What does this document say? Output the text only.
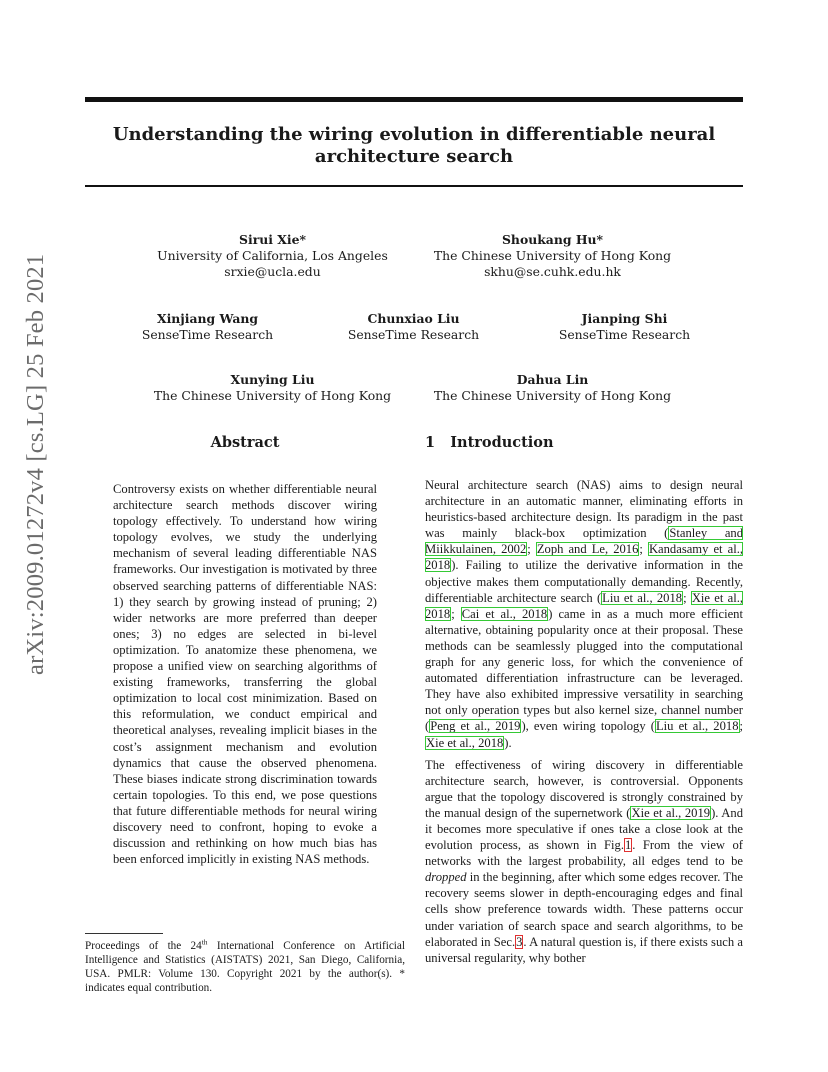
Understanding the wiring evolution in differentiable neural
architecture search
arXiv:2009.01272v4 [cs.LG] 25 Feb 2021
Sirui Xie*
University of California, Los Angeles
srxie@ucla.edu
Shoukang Hu*
The Chinese University of Hong Kong
skhu@se.cuhk.edu.hk
Xinjiang Wang
SenseTime Research
Chunxiao Liu
SenseTime Research
Jianping Shi
SenseTime Research
Xunying Liu
The Chinese University of Hong Kong
Dahua Lin
The Chinese University of Hong Kong
Abstract

Controversy exists on whether differentiable neural architecture search methods discover wiring topology effectively. To understand how wiring topology evolves, we study the underlying mechanism of several leading differentiable NAS frameworks. Our investigation is motivated by three observed searching patterns of differentiable NAS: 1) they search by growing instead of pruning; 2) wider networks are more preferred than deeper ones; 3) no edges are selected in bi-level optimization. To anatomize these phenomena, we propose a unified view on searching algorithms of existing frameworks, transferring the global optimization to local cost minimization. Based on this reformulation, we conduct empirical and theoretical analyses, revealing implicit biases in the cost’s assignment mechanism and evolution dynamics that cause the observed phenomena. These biases indicate strong discrimination towards certain topologies. To this end, we pose questions that future differentiable methods for neural wiring discovery need to confront, hoping to evoke a discussion and rethinking on how much bias has been enforced implicitly in existing NAS methods.

Proceedings of the 24th International Conference on Artificial Intelligence and Statistics (AISTATS) 2021, San Diego, California, USA. PMLR: Volume 130. Copyright 2021 by the author(s). * indicates equal contribution.
1 Introduction

Neural architecture search (NAS) aims to design neural architecture in an automatic manner, eliminating efforts in heuristics-based architecture design. Its paradigm in the past was mainly black-box optimization (Stanley and Miikkulainen, 2002; Zoph and Le, 2016; Kandasamy et al., 2018). Failing to utilize the derivative information in the objective makes them computationally demanding. Recently, differentiable architecture search (Liu et al., 2018; Xie et al., 2018; Cai et al., 2018) came in as a much more efficient alternative, obtaining popularity once at their proposal. These methods can be seamlessly plugged into the computational graph for any generic loss, for which the convenience of automated differentiation infrastructure can be leveraged. They have also exhibited impressive versatility in searching not only operation types but also kernel size, channel number (Peng et al., 2019), even wiring topology (Liu et al., 2018; Xie et al., 2018).

The effectiveness of wiring discovery in differentiable architecture search, however, is controversial. Opponents argue that the topology discovered is strongly constrained by the manual design of the supernetwork (Xie et al., 2019). And it becomes more speculative if ones take a close look at the evolution process, as shown in Fig.1. From the view of networks with the largest probability, all edges tend to be dropped in the beginning, after which some edges recover. The recovery seems slower in depth-encouraging edges and final cells show preference towards width. These patterns occur under variation of search space and search algorithms, to be elaborated in Sec.3. A natural question is, if there exists such a universal regularity, why bother
